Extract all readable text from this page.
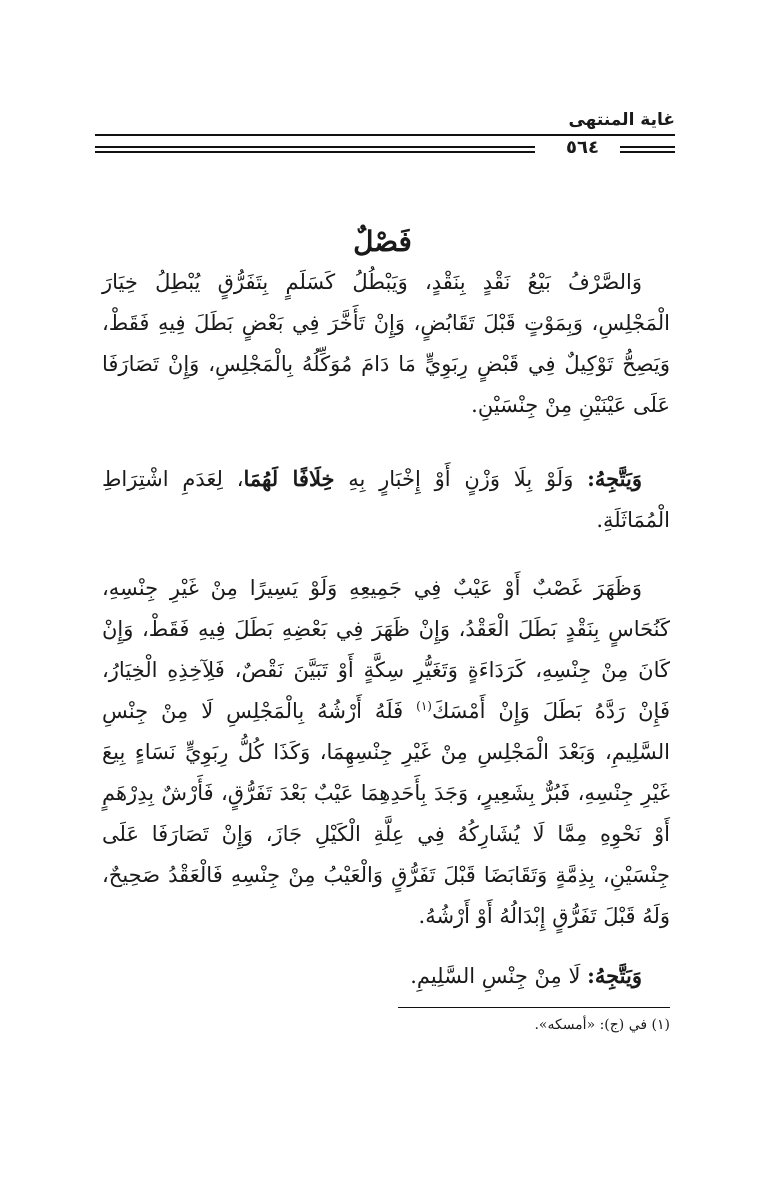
غاية المنتهى
٥٦٤
فَصْلٌ
وَالصَّرْفُ بَيْعُ نَقْدٍ بِنَقْدٍ، وَيَبْطُلُ كَسَلَمٍ بِتَفَرُّقٍ يُبْطِلُ خِيَارَ الْمَجْلِسِ، وَبِمَوْتٍ قَبْلَ تَقَابُضٍ، وَإِنْ تَأَخَّرَ فِي بَعْضٍ بَطَلَ فِيهِ فَقَطْ، وَيَصِحُّ تَوْكِيلٌ فِي قَبْضٍ رِبَوِيٍّ مَا دَامَ مُوَكِّلُهُ بِالْمَجْلِسِ، وَإِنْ تَصَارَفَا عَلَى عَيْنَيْنِ مِنْ جِنْسَيْنِ.
وَيَتَّجِهُ: وَلَوْ بِلَا وَزْنٍ أَوْ إِخْبَارٍ بِهِ خِلَافًا لَهُمَا، لِعَدَمِ اشْتِرَاطِ الْمُمَاثَلَةِ.
وَظَهَرَ غَصْبٌ أَوْ عَيْبٌ فِي جَمِيعِهِ وَلَوْ يَسِيرًا مِنْ غَيْرِ جِنْسِهِ، كَنُحَاسٍ بِنَقْدٍ بَطَلَ الْعَقْدُ، وَإِنْ ظَهَرَ فِي بَعْضِهِ بَطَلَ فِيهِ فَقَطْ، وَإِنْ كَانَ مِنْ جِنْسِهِ، كَرَدَاءَةٍ وَتَغَيُّرِ سِكَّةٍ أَوْ تَبَيَّنَ نَقْصٌ، فَلِآخِذِهِ الْخِيَارُ، فَإِنْ رَدَّهُ بَطَلَ وَإِنْ أَمْسَكَ$^{(١)}$ فَلَهُ أَرْشُهُ بِالْمَجْلِسِ لَا مِنْ جِنْسِ السَّلِيمِ، وَبَعْدَ الْمَجْلِسِ مِنْ غَيْرِ جِنْسِهِمَا، وَكَذَا كُلُّ رِبَوِيٍّ نَسَاءٍ بِيعَ غَيْرِ جِنْسِهِ، فَبُرٌّ بِشَعِيرٍ، وَجَدَ بِأَحَدِهِمَا عَيْبٌ بَعْدَ تَفَرُّقٍ، فَأَرْشٌ بِدِرْهَمٍ أَوْ نَحْوِهِ مِمَّا لَا يُشَارِكُهُ فِي عِلَّةِ الْكَيْلِ جَازَ، وَإِنْ تَصَارَفَا عَلَى جِنْسَيْنِ، بِذِمَّةٍ وَتَقَابَضَا قَبْلَ تَفَرُّقٍ وَالْعَيْبُ مِنْ جِنْسِهِ فَالْعَقْدُ صَحِيحٌ، وَلَهُ قَبْلَ تَفَرُّقٍ إِبْدَالُهُ أَوْ أَرْشُهُ.
وَيَتَّجِهُ: لَا مِنْ جِنْسِ السَّلِيمِ.
(١) في (ج): «أمسكه».
